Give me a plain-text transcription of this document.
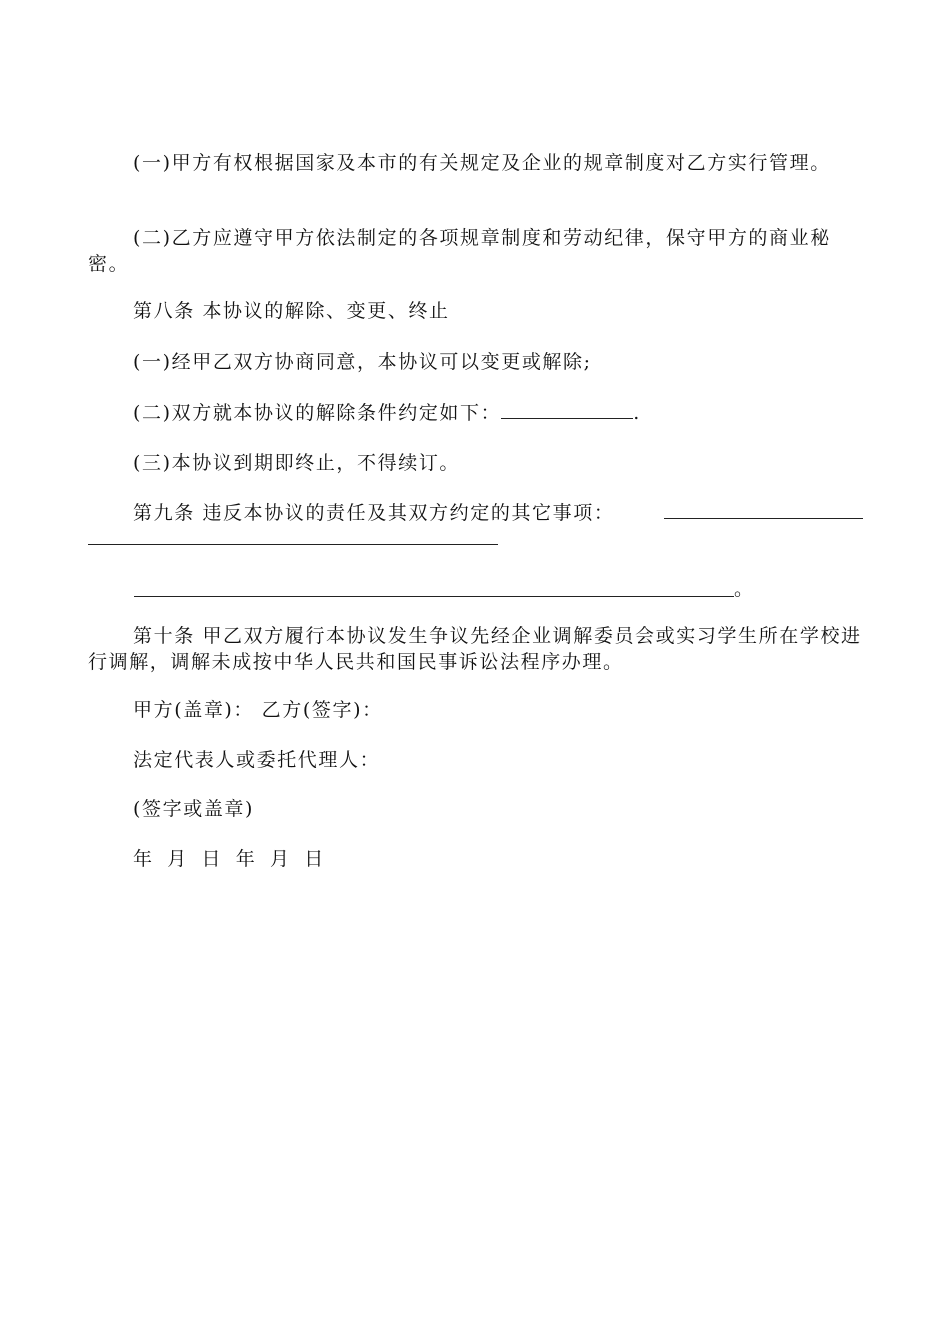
(一)甲方有权根据国家及本市的有关规定及企业的规章制度对乙方实行管理。

(二)乙方应遵守甲方依法制定的各项规章制度和劳动纪律，保守甲方的商业秘密。

第八条 本协议的解除、变更、终止

(一)经甲乙双方协商同意，本协议可以变更或解除;

(二)双方就本协议的解除条件约定如下：	.

(三)本协议到期即终止，不得续订。

第九条 违反本协议的责任及其双方约定的其它事项：

。

第十条 甲乙双方履行本协议发生争议先经企业调解委员会或实习学生所在学校进行调解，调解未成按中华人民共和国民事诉讼法程序办理。

甲方(盖章)： 乙方(签字)：

法定代表人或委托代理人：

(签字或盖章)

年 月 日 年 月 日
